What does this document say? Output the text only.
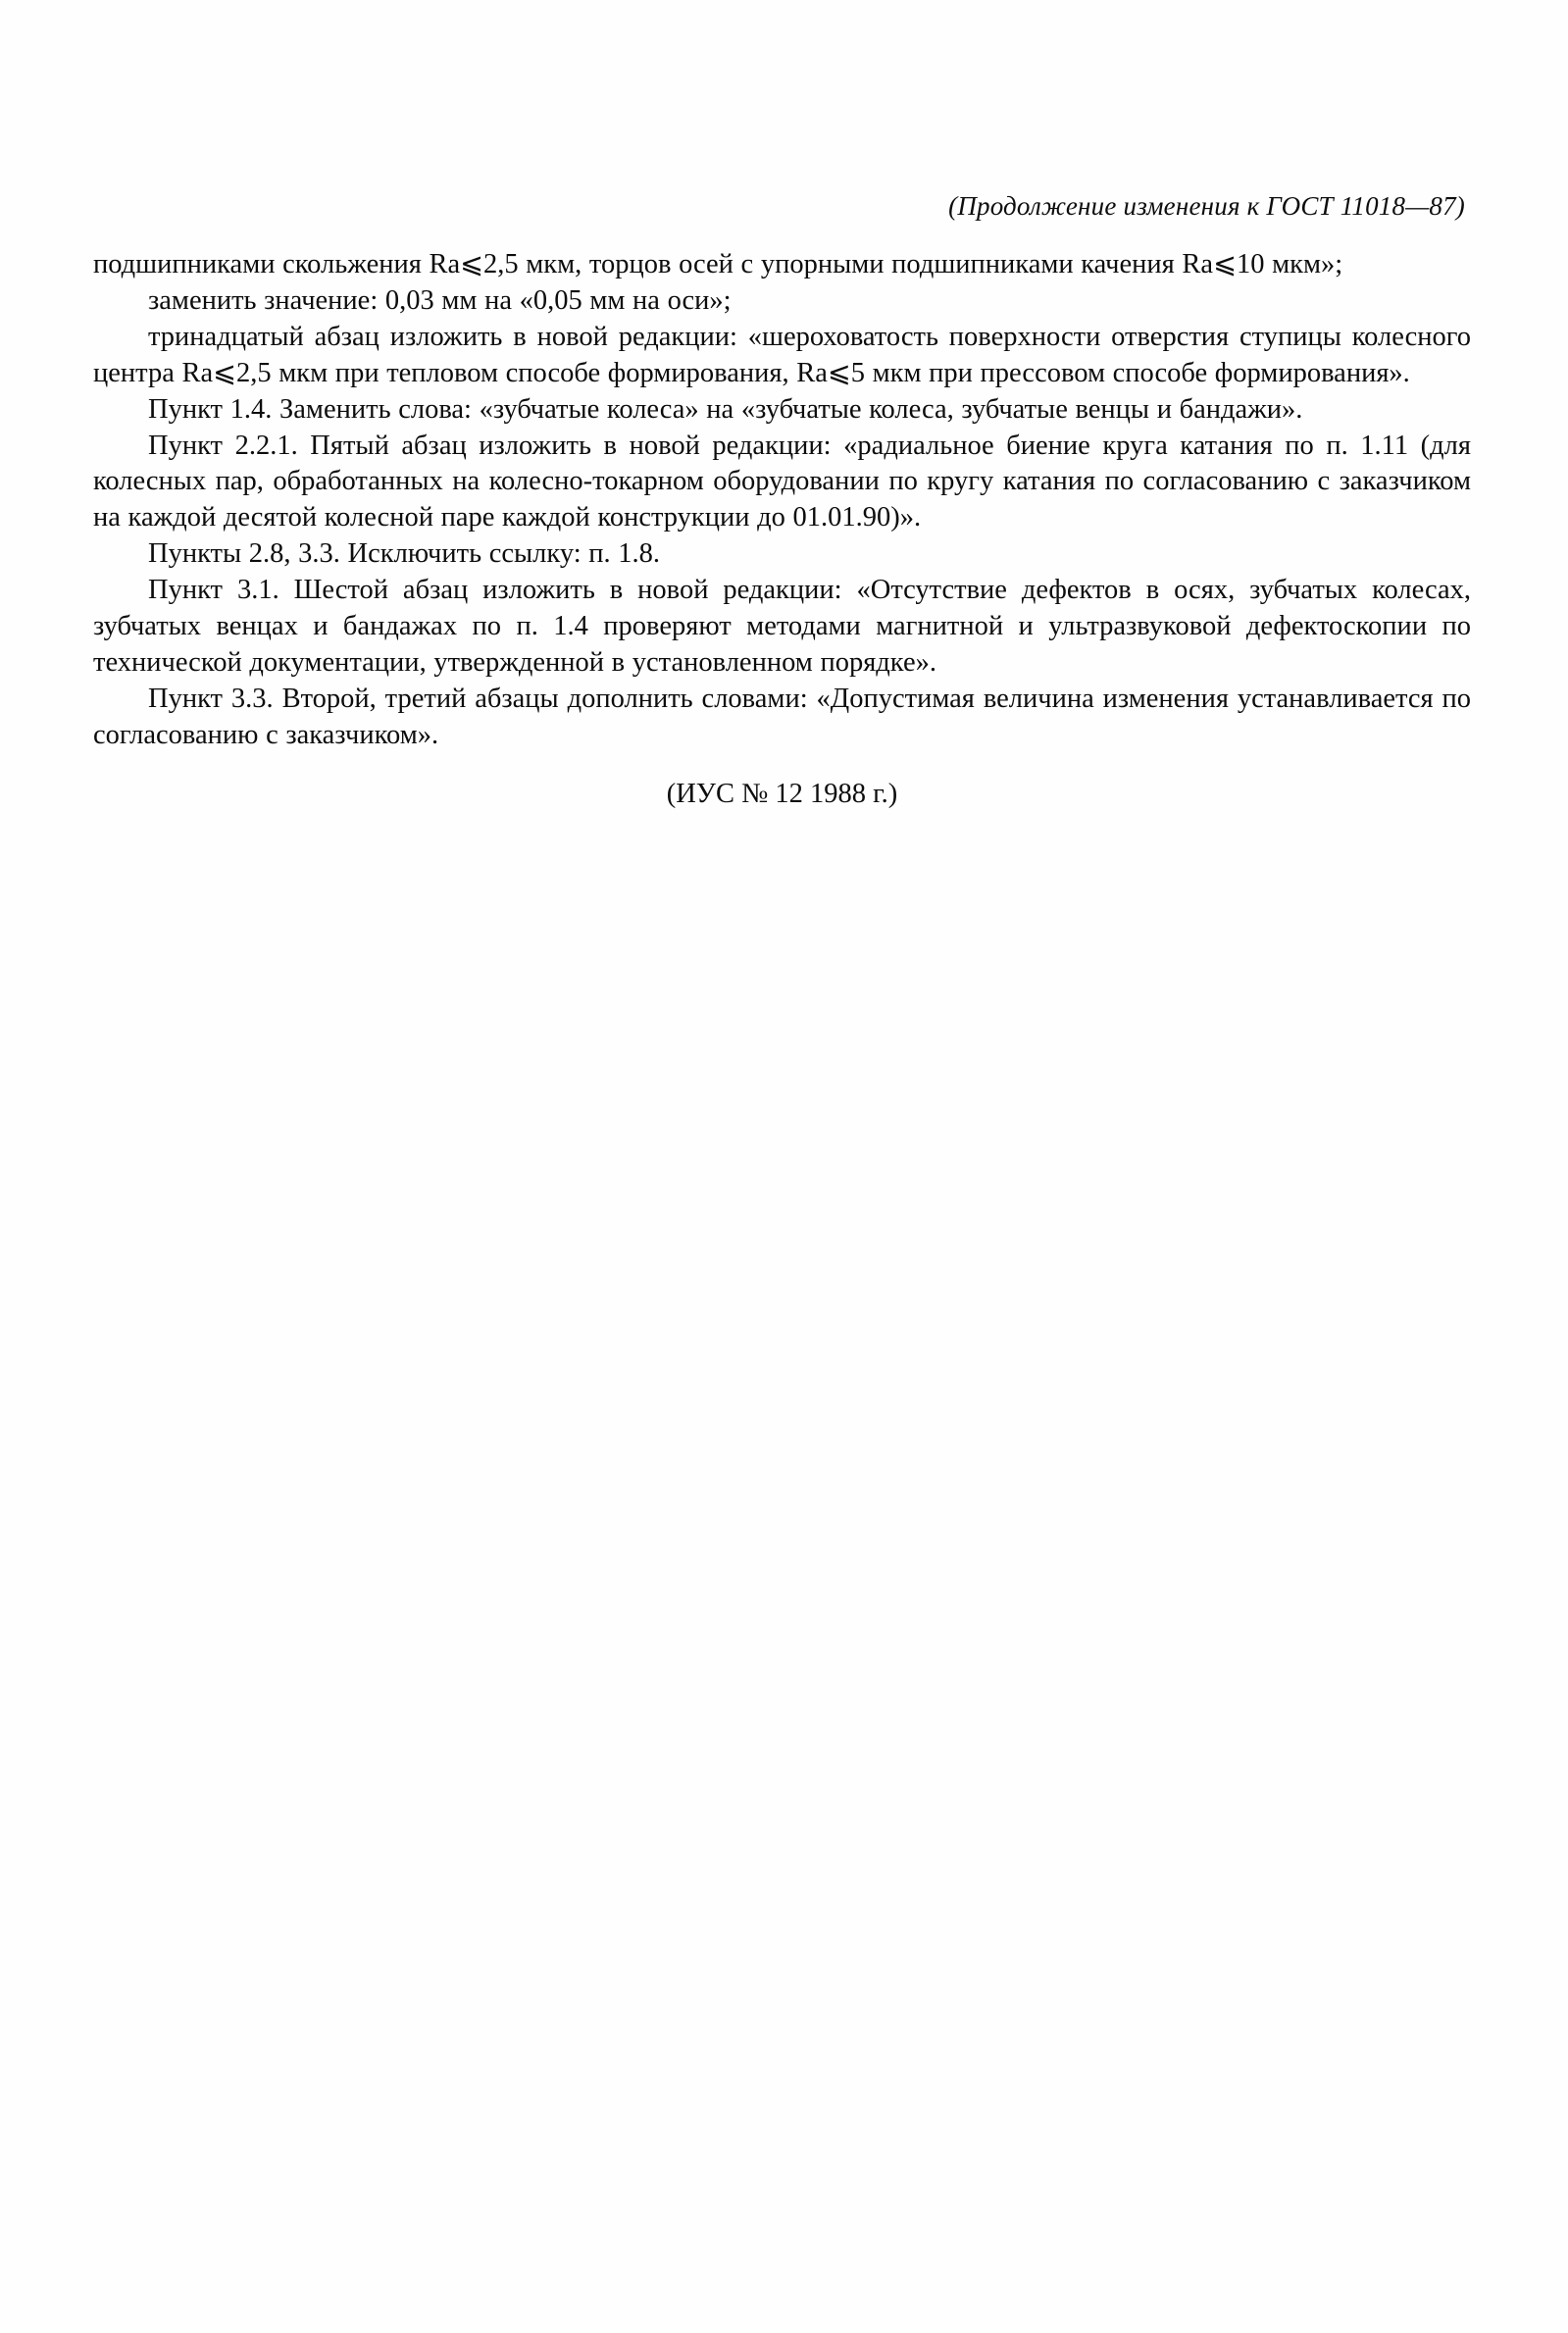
(Продолжение изменения к ГОСТ 11018—87)

подшипниками скольжения Ra⩽2,5 мкм, торцов осей с упорными подшипниками качения Ra⩽10 мкм»;

заменить значение: 0,03 мм на «0,05 мм на оси»;

тринадцатый абзац изложить в новой редакции: «шероховатость поверхности отверстия ступицы колесного центра Ra⩽2,5 мкм при тепловом способе формирования, Ra⩽5 мкм при прессовом способе формирования».

Пункт 1.4. Заменить слова: «зубчатые колеса» на «зубчатые колеса, зубчатые венцы и бандажи».

Пункт 2.2.1. Пятый абзац изложить в новой редакции: «радиальное биение круга катания по п. 1.11 (для колесных пар, обработанных на колесно-токарном оборудовании по кругу катания по согласованию с заказчиком на каждой десятой колесной паре каждой конструкции до 01.01.90)».

Пункты 2.8, 3.3. Исключить ссылку: п. 1.8.

Пункт 3.1. Шестой абзац изложить в новой редакции: «Отсутствие дефектов в осях, зубчатых колесах, зубчатых венцах и бандажах по п. 1.4 проверяют методами магнитной и ультразвуковой дефектоскопии по технической документации, утвержденной в установленном порядке».

Пункт 3.3. Второй, третий абзацы дополнить словами: «Допустимая величина изменения устанавливается по согласованию с заказчиком».

(ИУС № 12 1988 г.)
